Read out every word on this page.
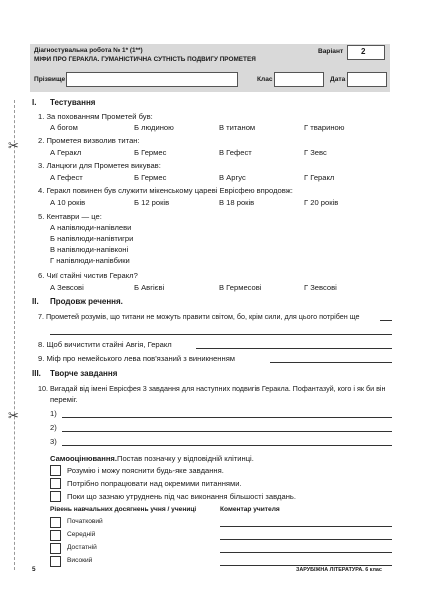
Діагностувальна робота № 1* (1**)
МІФИ ПРО ГЕРАКЛА. ГУМАНІСТИЧНА СУТНІСТЬ ПОДВИГУ ПРОМЕТЕЯ
Варіант 2
Прізвище	Клас	Дата
✂
✂
I. Тестування
1. За похованням Прометей був:
А богом	Б людиною	В титаном	Г твариною
2. Прометея визволив титан:
А Геракл	Б Гермес	В Гефест	Г Зевс
3. Ланцюги для Прометея викував:
А Гефест	Б Гермес	В Аргус	Г Геракл
4. Геракл повинен був служити мікенському цареві Еврісфею впродовж:
А 10 років	Б 12 років	В 18 років	Г 20 років
5. Кентаври — це:
А напівлюди-напівлеви
Б напівлюди-напівтигри
В напівлюди-напівконі
Г напівлюди-напівбики
6. Чиї стайні чистив Геракл?
А Зевсові	Б Авгієві	В Гермесові	Г Зевсові
II. Продовж речення.
7. Прометей розумів, що титани не можуть правити світом, бо, крім сили, для цього потрібен ще
8. Щоб вичистити стайні Авгія, Геракл
9. Міф про немейського лева пов'язаний з виникненням
III. Творче завдання
10. Вигадай від імені Еврісфея 3 завдання для наступних подвигів Геракла. Пофантазуй, кого і як би він
переміг.
1)
2)
3)
Самооцінювання. Постав позначку у відповідній клітинці.
Розумію і можу пояснити будь-яке завдання.
Потрібно попрацювати над окремими питаннями.
Поки що зазнаю утруднень під час виконання більшості завдань.
Рівень навчальних досягнень учня / учениці	Коментар учителя
Початковий
Середній
Достатній
Високий
5	ЗАРУБІЖНА ЛІТЕРАТУРА. 6 клас
